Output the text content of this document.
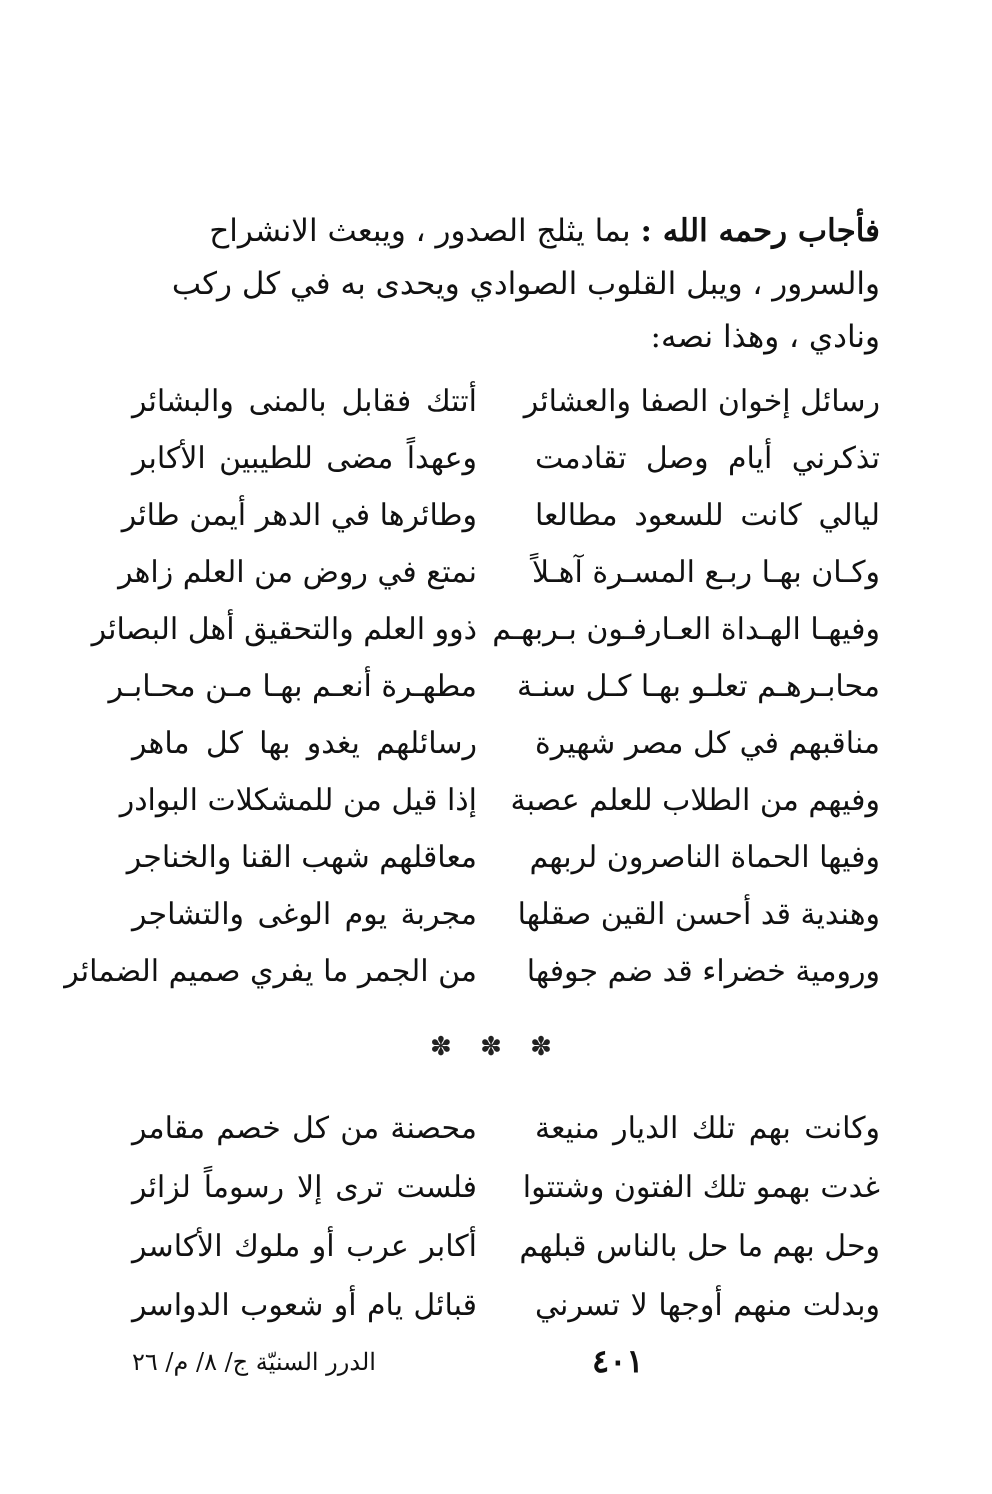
فأجاب رحمه الله : بما يثلج الصدور ، ويبعث الانشراح
والسرور ، ويبل القلوب الصوادي ويحدى به في كل ركب
ونادي ، وهذا نصه:
رسائل إخوان الصفا والعشائر
أتتك فقابل بالمنى والبشائر
تذكرني أيام وصل تقادمت
وعهداً مضى للطيبين الأكابر
ليالي كانت للسعود مطالعا
وطائرها في الدهر أيمن طائر
وكـان بهـا ربـع المسـرة آهـلاً
نمتع في روض من العلم زاهر
وفيهـا الهـداة العـارفـون بـربهـم
ذوو العلم والتحقيق أهل البصائر
محابـرهـم تعلـو بهـا كـل سنـة
مطهـرة أنعـم بهـا مـن محـابـر
مناقبهم في كل مصر شهيرة
رسائلهم يغدو بها كل ماهر
وفيهم من الطلاب للعلم عصبة
إذا قيل من للمشكلات البوادر
وفيها الحماة الناصرون لربهم
معاقلهم شهب القنا والخناجر
وهندية قد أحسن القين صقلها
مجربة يوم الوغى والتشاجر
ورومية خضراء قد ضم جوفها
من الجمر ما يفري صميم الضمائر
✽ ✽ ✽
وكانت بهم تلك الديار منيعة
محصنة من كل خصم مقامر
غدت بهمو تلك الفتون وشتتوا
فلست ترى إلا رسوماً لزائر
وحل بهم ما حل بالناس قبلهم
أكابر عرب أو ملوك الأكاسر
وبدلت منهم أوجها لا تسرني
قبائل يام أو شعوب الدواسر
٤٠١
الدرر السنيّة ج/ ٨/ م/ ٢٦
